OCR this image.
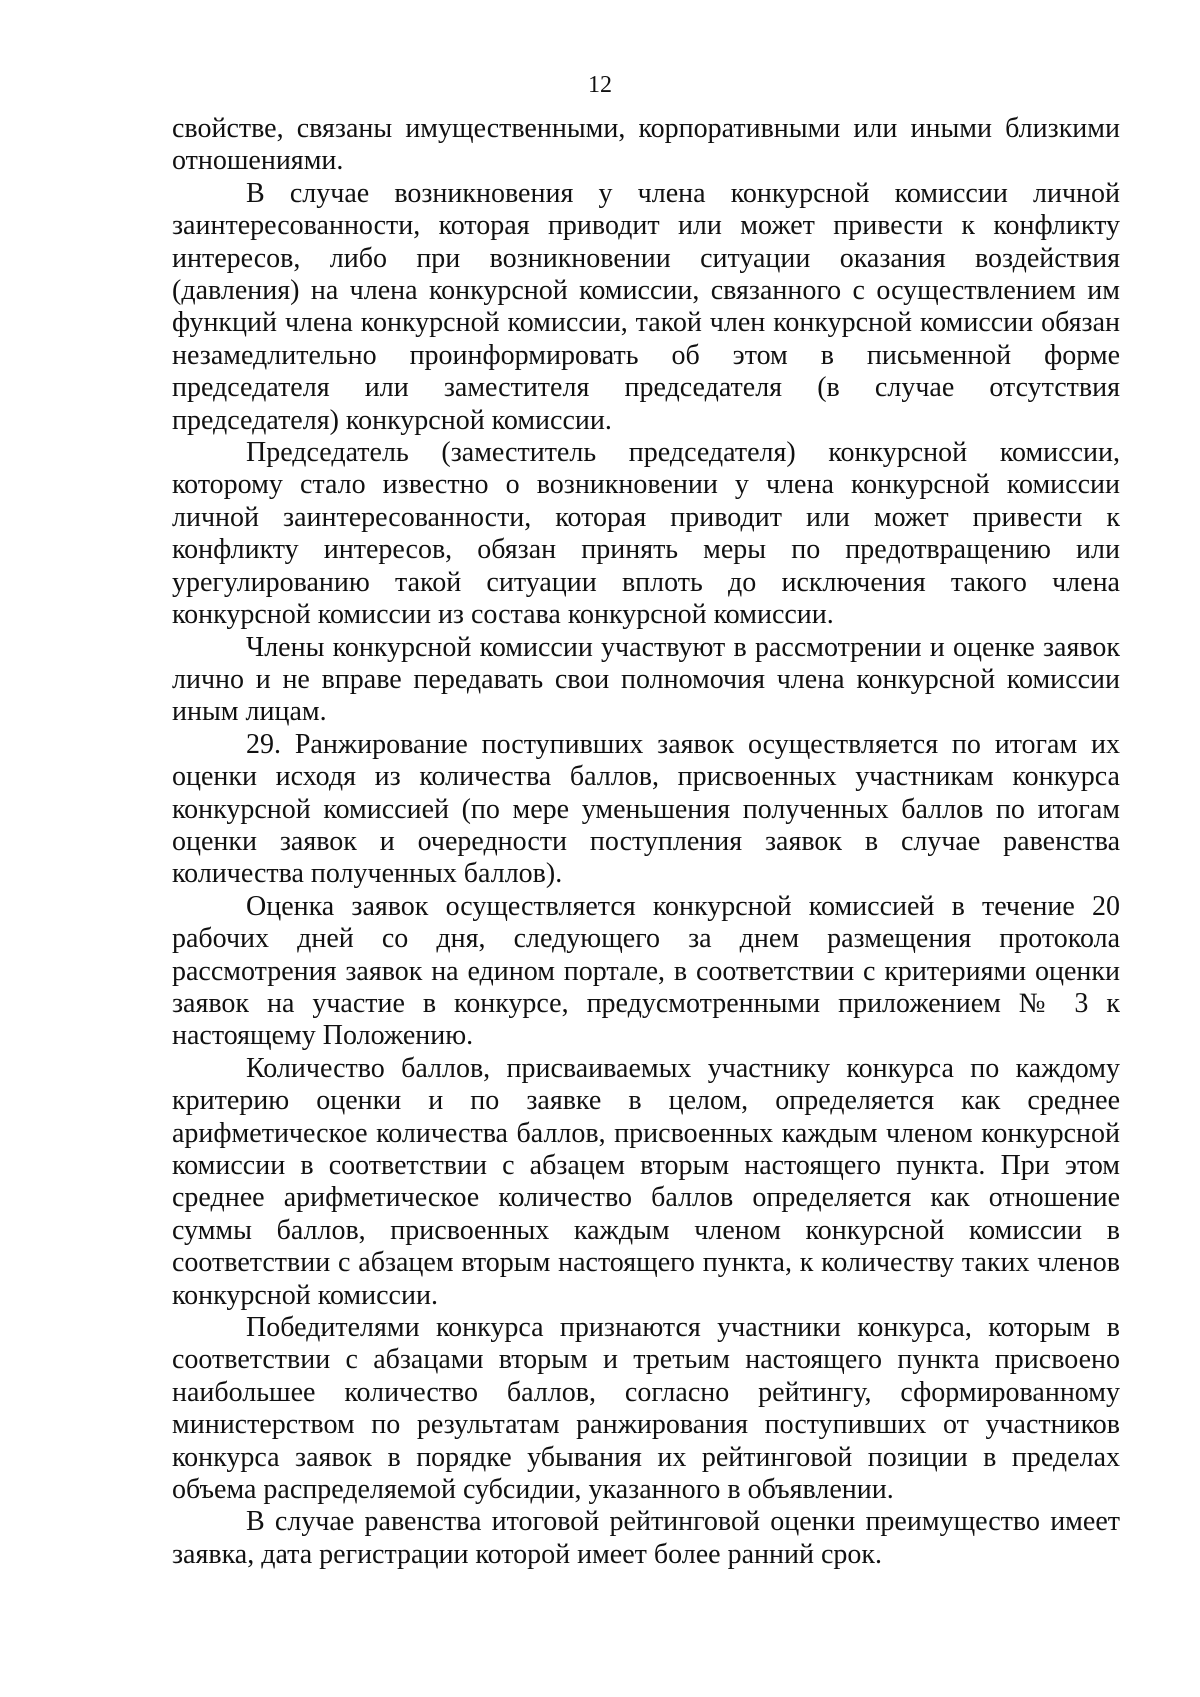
12

свойстве, связаны имущественными, корпоративными или иными близкими отношениями.

В случае возникновения у члена конкурсной комиссии личной заинтересованности, которая приводит или может привести к конфликту интересов, либо при возникновении ситуации оказания воздействия (давления) на члена конкурсной комиссии, связанного с осуществлением им функций члена конкурсной комиссии, такой член конкурсной комиссии обязан незамедлительно проинформировать об этом в письменной форме председателя или заместителя председателя (в случае отсутствия председателя) конкурсной комиссии.

Председатель (заместитель председателя) конкурсной комиссии, которому стало известно о возникновении у члена конкурсной комиссии личной заинтересованности, которая приводит или может привести к конфликту интересов, обязан принять меры по предотвращению или урегулированию такой ситуации вплоть до исключения такого члена конкурсной комиссии из состава конкурсной комиссии.

Члены конкурсной комиссии участвуют в рассмотрении и оценке заявок лично и не вправе передавать свои полномочия члена конкурсной комиссии иным лицам.

29. Ранжирование поступивших заявок осуществляется по итогам их оценки исходя из количества баллов, присвоенных участникам конкурса конкурсной комиссией (по мере уменьшения полученных баллов по итогам оценки заявок и очередности поступления заявок в случае равенства количества полученных баллов).

Оценка заявок осуществляется конкурсной комиссией в течение 20 рабочих дней со дня, следующего за днем размещения протокола рассмотрения заявок на едином портале, в соответствии с критериями оценки заявок на участие в конкурсе, предусмотренными приложением № 3 к настоящему Положению.

Количество баллов, присваиваемых участнику конкурса по каждому критерию оценки и по заявке в целом, определяется как среднее арифметическое количества баллов, присвоенных каждым членом конкурсной комиссии в соответствии с абзацем вторым настоящего пункта. При этом среднее арифметическое количество баллов определяется как отношение суммы баллов, присвоенных каждым членом конкурсной комиссии в соответствии с абзацем вторым настоящего пункта, к количеству таких членов конкурсной комиссии.

Победителями конкурса признаются участники конкурса, которым в соответствии с абзацами вторым и третьим настоящего пункта присвоено наибольшее количество баллов, согласно рейтингу, сформированному министерством по результатам ранжирования поступивших от участников конкурса заявок в порядке убывания их рейтинговой позиции в пределах объема распределяемой субсидии, указанного в объявлении.

В случае равенства итоговой рейтинговой оценки преимущество имеет заявка, дата регистрации которой имеет более ранний срок.
